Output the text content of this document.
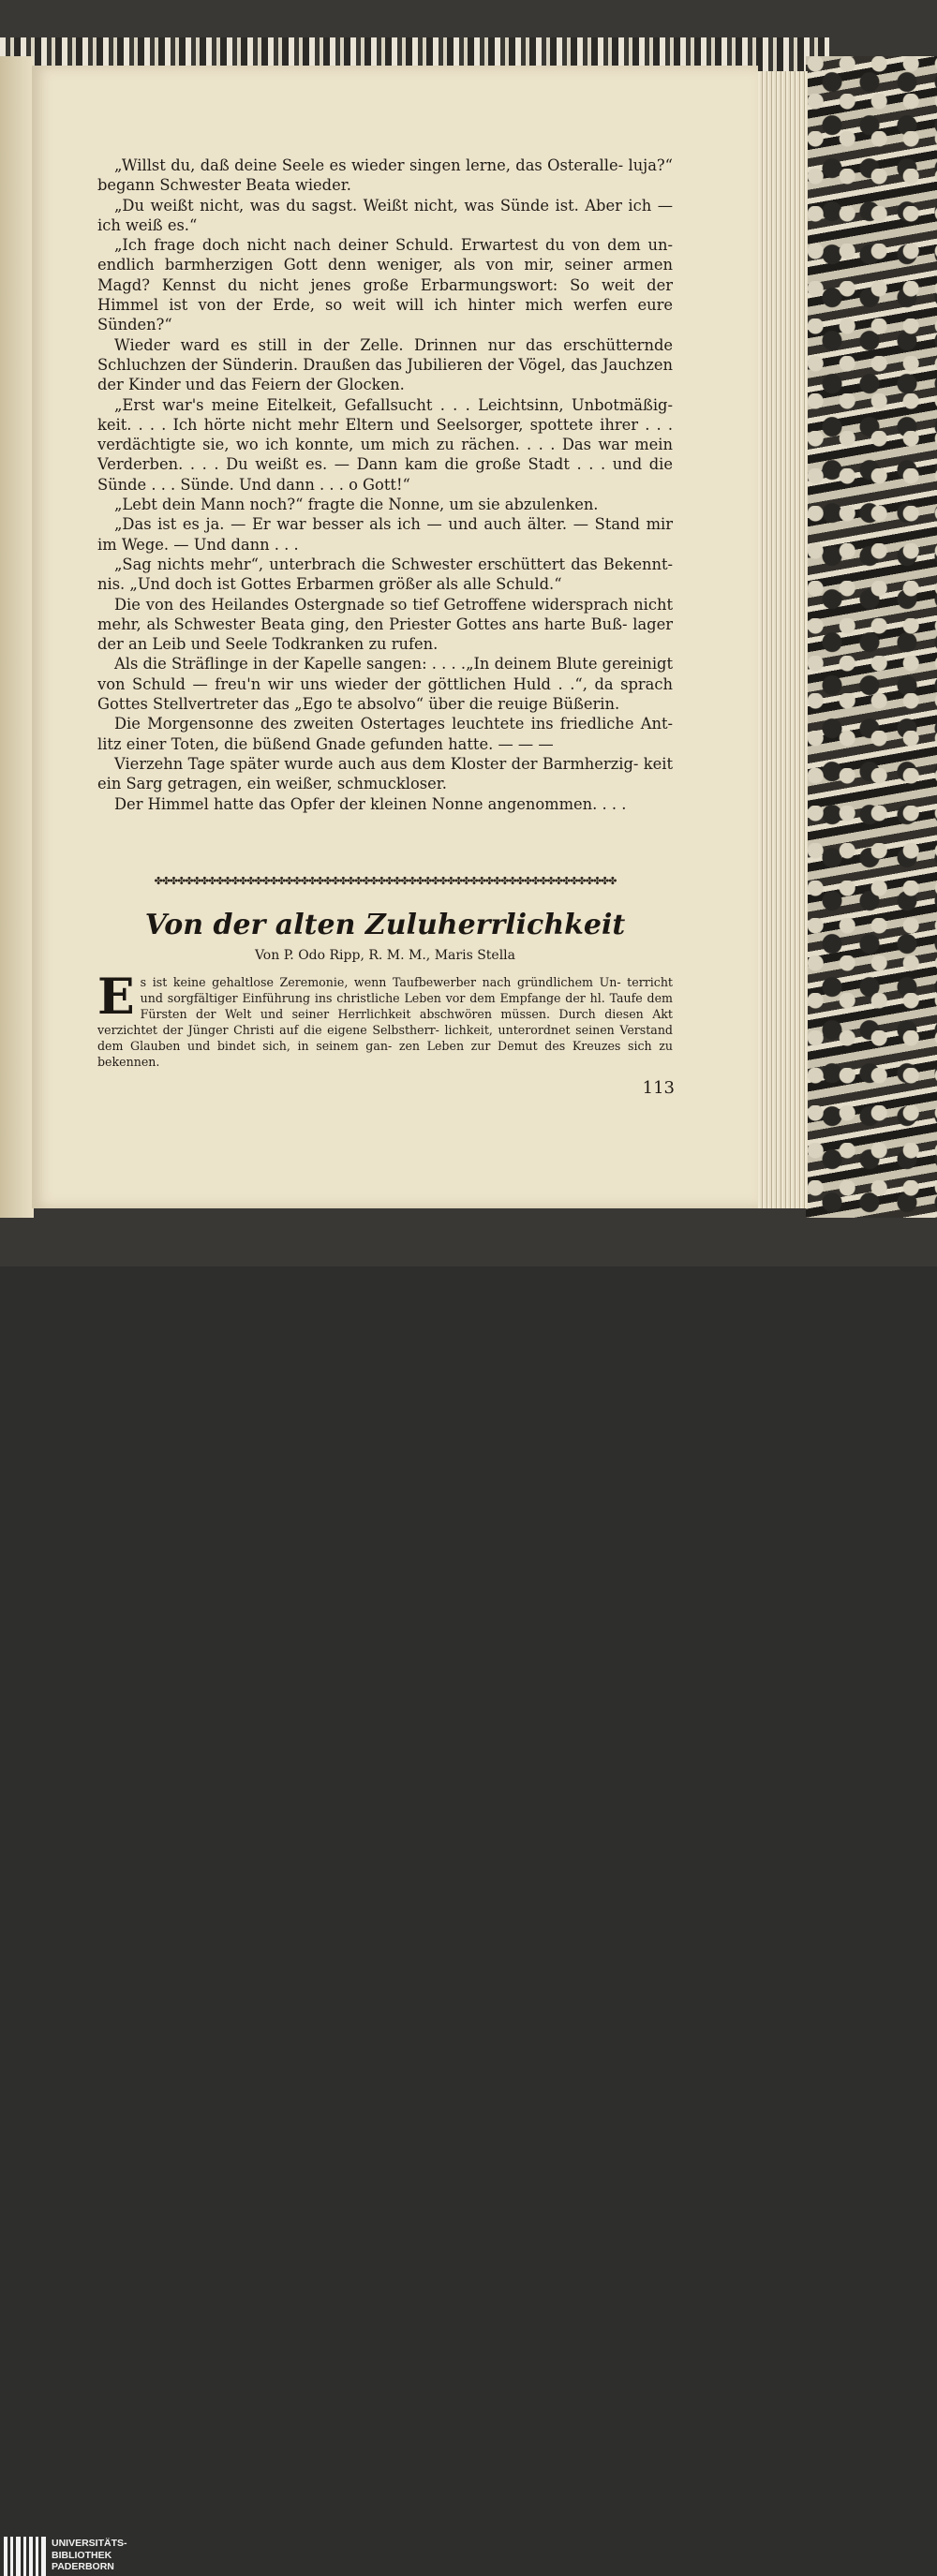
„Willst du, daß deine Seele es wieder singen lerne, das Osteralle- luja?“ begann Schwester Beata wieder.

„Du weißt nicht, was du sagst. Weißt nicht, was Sünde ist. Aber ich — ich weiß es.“

„Ich frage doch nicht nach deiner Schuld. Erwartest du von dem un- endlich barmherzigen Gott denn weniger, als von mir, seiner armen Magd? Kennst du nicht jenes große Erbarmungswort: So weit der Himmel ist von der Erde, so weit will ich hinter mich werfen eure Sünden?“

Wieder ward es still in der Zelle. Drinnen nur das erschütternde Schluchzen der Sünderin. Draußen das Jubilieren der Vögel, das Jauchzen der Kinder und das Feiern der Glocken.

„Erst war's meine Eitelkeit, Gefallsucht . . . Leichtsinn, Unbotmäßig- keit. . . . Ich hörte nicht mehr Eltern und Seelsorger, spottete ihrer . . . verdächtigte sie, wo ich konnte, um mich zu rächen. . . . Das war mein Verderben. . . . Du weißt es. — Dann kam die große Stadt . . . und die Sünde . . . Sünde. Und dann . . . o Gott!“

„Lebt dein Mann noch?“ fragte die Nonne, um sie abzulenken.

„Das ist es ja. — Er war besser als ich — und auch älter. — Stand mir im Wege. — Und dann . . .

„Sag nichts mehr“, unterbrach die Schwester erschüttert das Bekennt- nis. „Und doch ist Gottes Erbarmen größer als alle Schuld.“

Die von des Heilandes Ostergnade so tief Getroffene widersprach nicht mehr, als Schwester Beata ging, den Priester Gottes ans harte Buß- lager der an Leib und Seele Todkranken zu rufen.

Als die Sträflinge in der Kapelle sangen: . . . .„In deinem Blute gereinigt von Schuld — freu'n wir uns wieder der göttlichen Huld . .“, da sprach Gottes Stellvertreter das „Ego te absolvo“ über die reuige Büßerin.

Die Morgensonne des zweiten Ostertages leuchtete ins friedliche Ant- litz einer Toten, die büßend Gnade gefunden hatte. — — —

Vierzehn Tage später wurde auch aus dem Kloster der Barmherzig- keit ein Sarg getragen, ein weißer, schmuckloser.

Der Himmel hatte das Opfer der kleinen Nonne angenommen. . . .

✤✤✤✤✤✤✤✤✤✤✤✤✤✤✤✤✤✤✤✤✤✤✤✤✤✤✤✤✤✤✤✤✤✤✤✤✤✤✤✤✤✤✤✤✤✤✤✤✤✤✤✤✤✤✤✤✤✤✤✤
Von der alten Zuluherrlichkeit
Von P. Odo Ripp, R. M. M., Maris Stella
E s ist keine gehaltlose Zeremonie, wenn Taufbewerber nach gründlichem Un- terricht und sorgfältiger Einführung ins christliche Leben vor dem Empfange der hl. Taufe dem Fürsten der Welt und seiner Herrlichkeit abschwören müssen. Durch diesen Akt verzichtet der Jünger Christi auf die eigene Selbstherr- lichkeit, unterordnet seinen Verstand dem Glauben und bindet sich, in seinem gan- zen Leben zur Demut des Kreuzes sich zu bekennen.
113
UNIVERSITÄTS-
BIBLIOTHEK
PADERBORN
